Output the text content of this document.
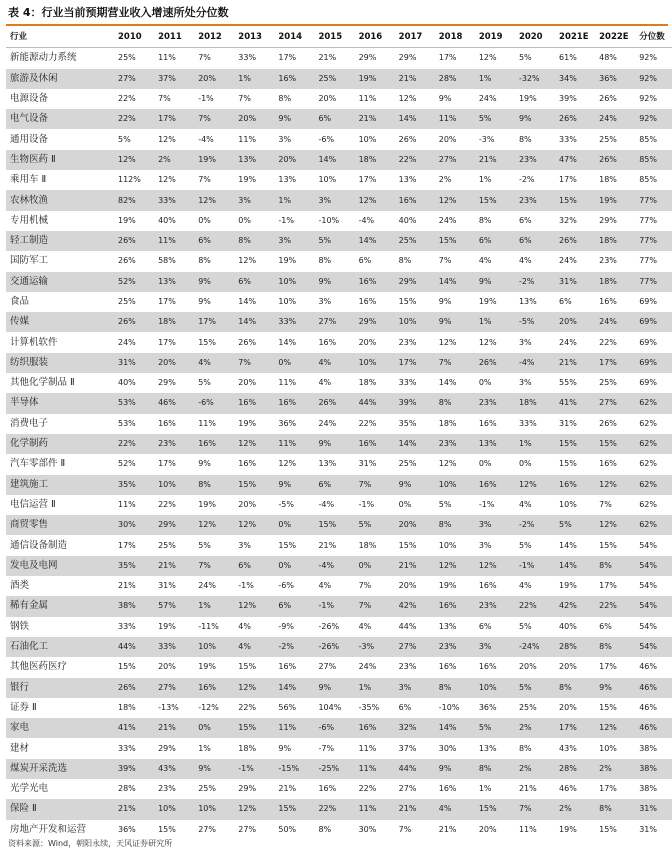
表 4：行业当前预期营业收入增速所处分位数
行业	2010	2011	2012	2013	2014	2015	2016	2017	2018	2019	2020	2021E	2022E	分位数
新能源动力系统	25%	11%	7%	33%	17%	21%	29%	29%	17%	12%	5%	61%	48%	92%
旅游及休闲	27%	37%	20%	1%	16%	25%	19%	21%	28%	1%	-32%	34%	36%	92%
电源设备	22%	7%	-1%	7%	8%	20%	11%	12%	9%	24%	19%	39%	26%	92%
电气设备	22%	17%	7%	20%	9%	6%	21%	14%	11%	5%	9%	26%	24%	92%
通用设备	5%	12%	-4%	11%	3%	-6%	10%	26%	20%	-3%	8%	33%	25%	85%
生物医药 Ⅱ	12%	2%	19%	13%	20%	14%	18%	22%	27%	21%	23%	47%	26%	85%
乘用车 Ⅱ	112%	12%	7%	19%	13%	10%	17%	13%	2%	1%	-2%	17%	18%	85%
农林牧渔	82%	33%	12%	3%	1%	3%	12%	16%	12%	15%	23%	15%	19%	77%
专用机械	19%	40%	0%	0%	-1%	-10%	-4%	40%	24%	8%	6%	32%	29%	77%
轻工制造	26%	11%	6%	8%	3%	5%	14%	25%	15%	6%	6%	26%	18%	77%
国防军工	26%	58%	8%	12%	19%	8%	6%	8%	7%	4%	4%	24%	23%	77%
交通运输	52%	13%	9%	6%	10%	9%	16%	29%	14%	9%	-2%	31%	18%	77%
食品	25%	17%	9%	14%	10%	3%	16%	15%	9%	19%	13%	6%	16%	69%
传媒	26%	18%	17%	14%	33%	27%	29%	10%	9%	1%	-5%	20%	24%	69%
计算机软件	24%	17%	15%	26%	14%	16%	20%	23%	12%	12%	3%	24%	22%	69%
纺织服装	31%	20%	4%	7%	0%	4%	10%	17%	7%	26%	-4%	21%	17%	69%
其他化学制品 Ⅱ	40%	29%	5%	20%	11%	4%	18%	33%	14%	0%	3%	55%	25%	69%
半导体	53%	46%	-6%	16%	16%	26%	44%	39%	8%	23%	18%	41%	27%	62%
消费电子	53%	16%	11%	19%	36%	24%	22%	35%	18%	16%	33%	31%	26%	62%
化学制药	22%	23%	16%	12%	11%	9%	16%	14%	23%	13%	1%	15%	15%	62%
汽车零部件 Ⅱ	52%	17%	9%	16%	12%	13%	31%	25%	12%	0%	0%	15%	16%	62%
建筑施工	35%	10%	8%	15%	9%	6%	7%	9%	10%	16%	12%	16%	12%	62%
电信运营 Ⅱ	11%	22%	19%	20%	-5%	-4%	-1%	0%	5%	-1%	4%	10%	7%	62%
商贸零售	30%	29%	12%	12%	0%	15%	5%	20%	8%	3%	-2%	5%	12%	62%
通信设备制造	17%	25%	5%	3%	15%	21%	18%	15%	10%	3%	5%	14%	15%	54%
发电及电网	35%	21%	7%	6%	0%	-4%	0%	21%	12%	12%	-1%	14%	8%	54%
酒类	21%	31%	24%	-1%	-6%	4%	7%	20%	19%	16%	4%	19%	17%	54%
稀有金属	38%	57%	1%	12%	6%	-1%	7%	42%	16%	23%	22%	42%	22%	54%
钢铁	33%	19%	-11%	4%	-9%	-26%	4%	44%	13%	6%	5%	40%	6%	54%
石油化工	44%	33%	10%	4%	-2%	-26%	-3%	27%	23%	3%	-24%	28%	8%	54%
其他医药医疗	15%	20%	19%	15%	16%	27%	24%	23%	16%	16%	20%	20%	17%	46%
银行	26%	27%	16%	12%	14%	9%	1%	3%	8%	10%	5%	8%	9%	46%
证券 Ⅱ	18%	-13%	-12%	22%	56%	104%	-35%	6%	-10%	36%	25%	20%	15%	46%
家电	41%	21%	0%	15%	11%	-6%	16%	32%	14%	5%	2%	17%	12%	46%
建材	33%	29%	1%	18%	9%	-7%	11%	37%	30%	13%	8%	43%	10%	38%
煤炭开采洗选	39%	43%	9%	-1%	-15%	-25%	11%	44%	9%	8%	2%	28%	2%	38%
光学光电	28%	23%	25%	29%	21%	16%	22%	27%	16%	1%	21%	46%	17%	38%
保险 Ⅱ	21%	10%	10%	12%	15%	22%	11%	21%	4%	15%	7%	2%	8%	31%
房地产开发和运营	36%	15%	27%	27%	50%	8%	30%	7%	21%	20%	11%	19%	15%	31%
资料来源：Wind，朝阳永续，天风证券研究所
